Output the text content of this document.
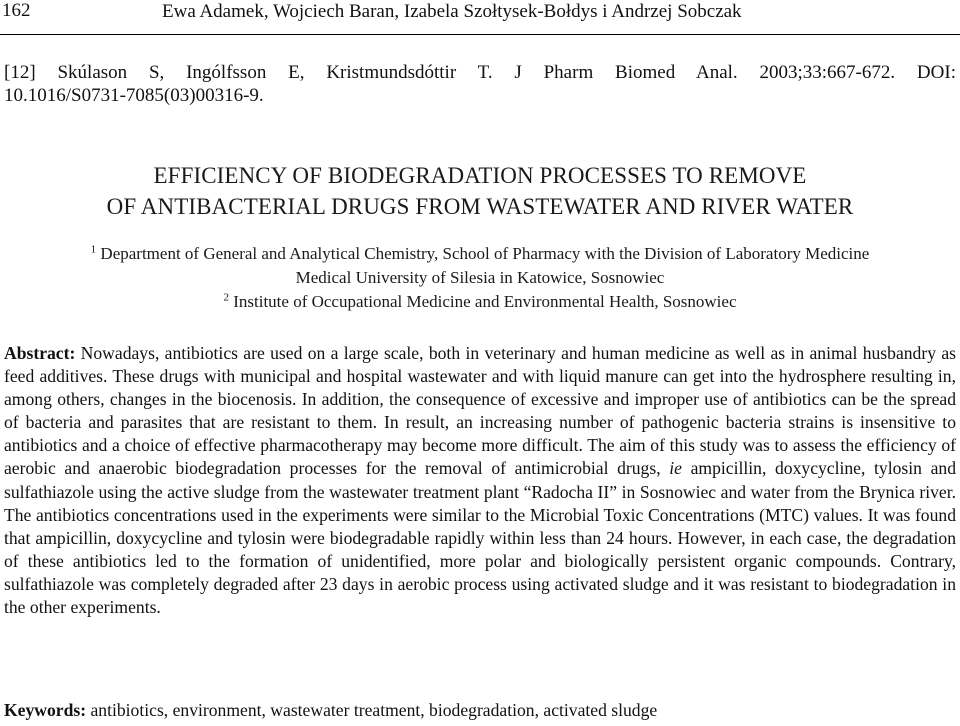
162	Ewa Adamek, Wojciech Baran, Izabela Szołtysek-Bołdys i Andrzej Sobczak
[12] Skúlason S, Ingólfsson E, Kristmundsdóttir T. J Pharm Biomed Anal. 2003;33:667-672. DOI:
10.1016/S0731-7085(03)00316-9.
EFFICIENCY OF BIODEGRADATION PROCESSES TO REMOVE
OF ANTIBACTERIAL DRUGS FROM WASTEWATER AND RIVER WATER
$^1$ Department of General and Analytical Chemistry, School of Pharmacy with the Division of Laboratory Medicine
Medical University of Silesia in Katowice, Sosnowiec
$^2$ Institute of Occupational Medicine and Environmental Health, Sosnowiec
Abstract: Nowadays, antibiotics are used on a large scale, both in veterinary and human medicine as well as in animal husbandry as feed additives. These drugs with municipal and hospital wastewater and with liquid manure can get into the hydrosphere resulting in, among others, changes in the biocenosis. In addition, the consequence of excessive and improper use of antibiotics can be the spread of bacteria and parasites that are resistant to them. In result, an increasing number of pathogenic bacteria strains is insensitive to antibiotics and a choice of effective pharmacotherapy may become more difficult. The aim of this study was to assess the efficiency of aerobic and anaerobic biodegradation processes for the removal of antimicrobial drugs, ie ampicillin, doxycycline, tylosin and sulfathiazole using the active sludge from the wastewater treatment plant “Radocha II” in Sosnowiec and water from the Brynica river. The antibiotics concentrations used in the experiments were similar to the Microbial Toxic Concentrations (MTC) values. It was found that ampicillin, doxycycline and tylosin were biodegradable rapidly within less than 24 hours. However, in each case, the degradation of these antibiotics led to the formation of unidentified, more polar and biologically persistent organic compounds. Contrary, sulfathiazole was completely degraded after 23 days in aerobic process using activated sludge and it was resistant to biodegradation in the other experiments.
Keywords: antibiotics, environment, wastewater treatment, biodegradation, activated sludge
